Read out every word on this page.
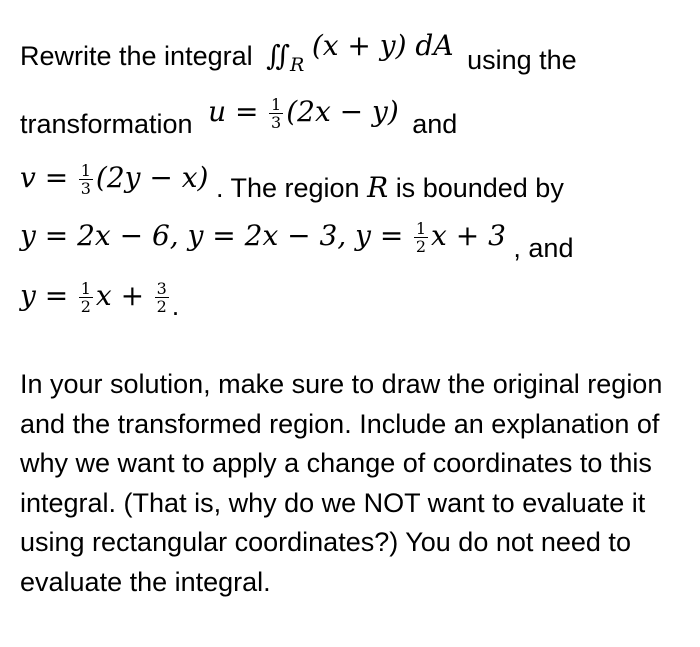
Rewrite the integral $∬_R$ (x + y) dA using the
transformation $u = \frac{1}{3} (2x - y)$ and
$v = \frac{1}{3} (2y - x)$ . The region R is bounded by
y = 2x − 6, y = 2x − 3, $y = \frac{1}{2}$ x + 3 , and
$y = \frac{1}{2}$ $x + \frac{3}{2}$ .
In your solution, make sure to draw the original region and the transformed region. Include an explanation of why we want to apply a change of coordinates to this integral. (That is, why do we NOT want to evaluate it using rectangular coordinates?) You do not need to evaluate the integral.
